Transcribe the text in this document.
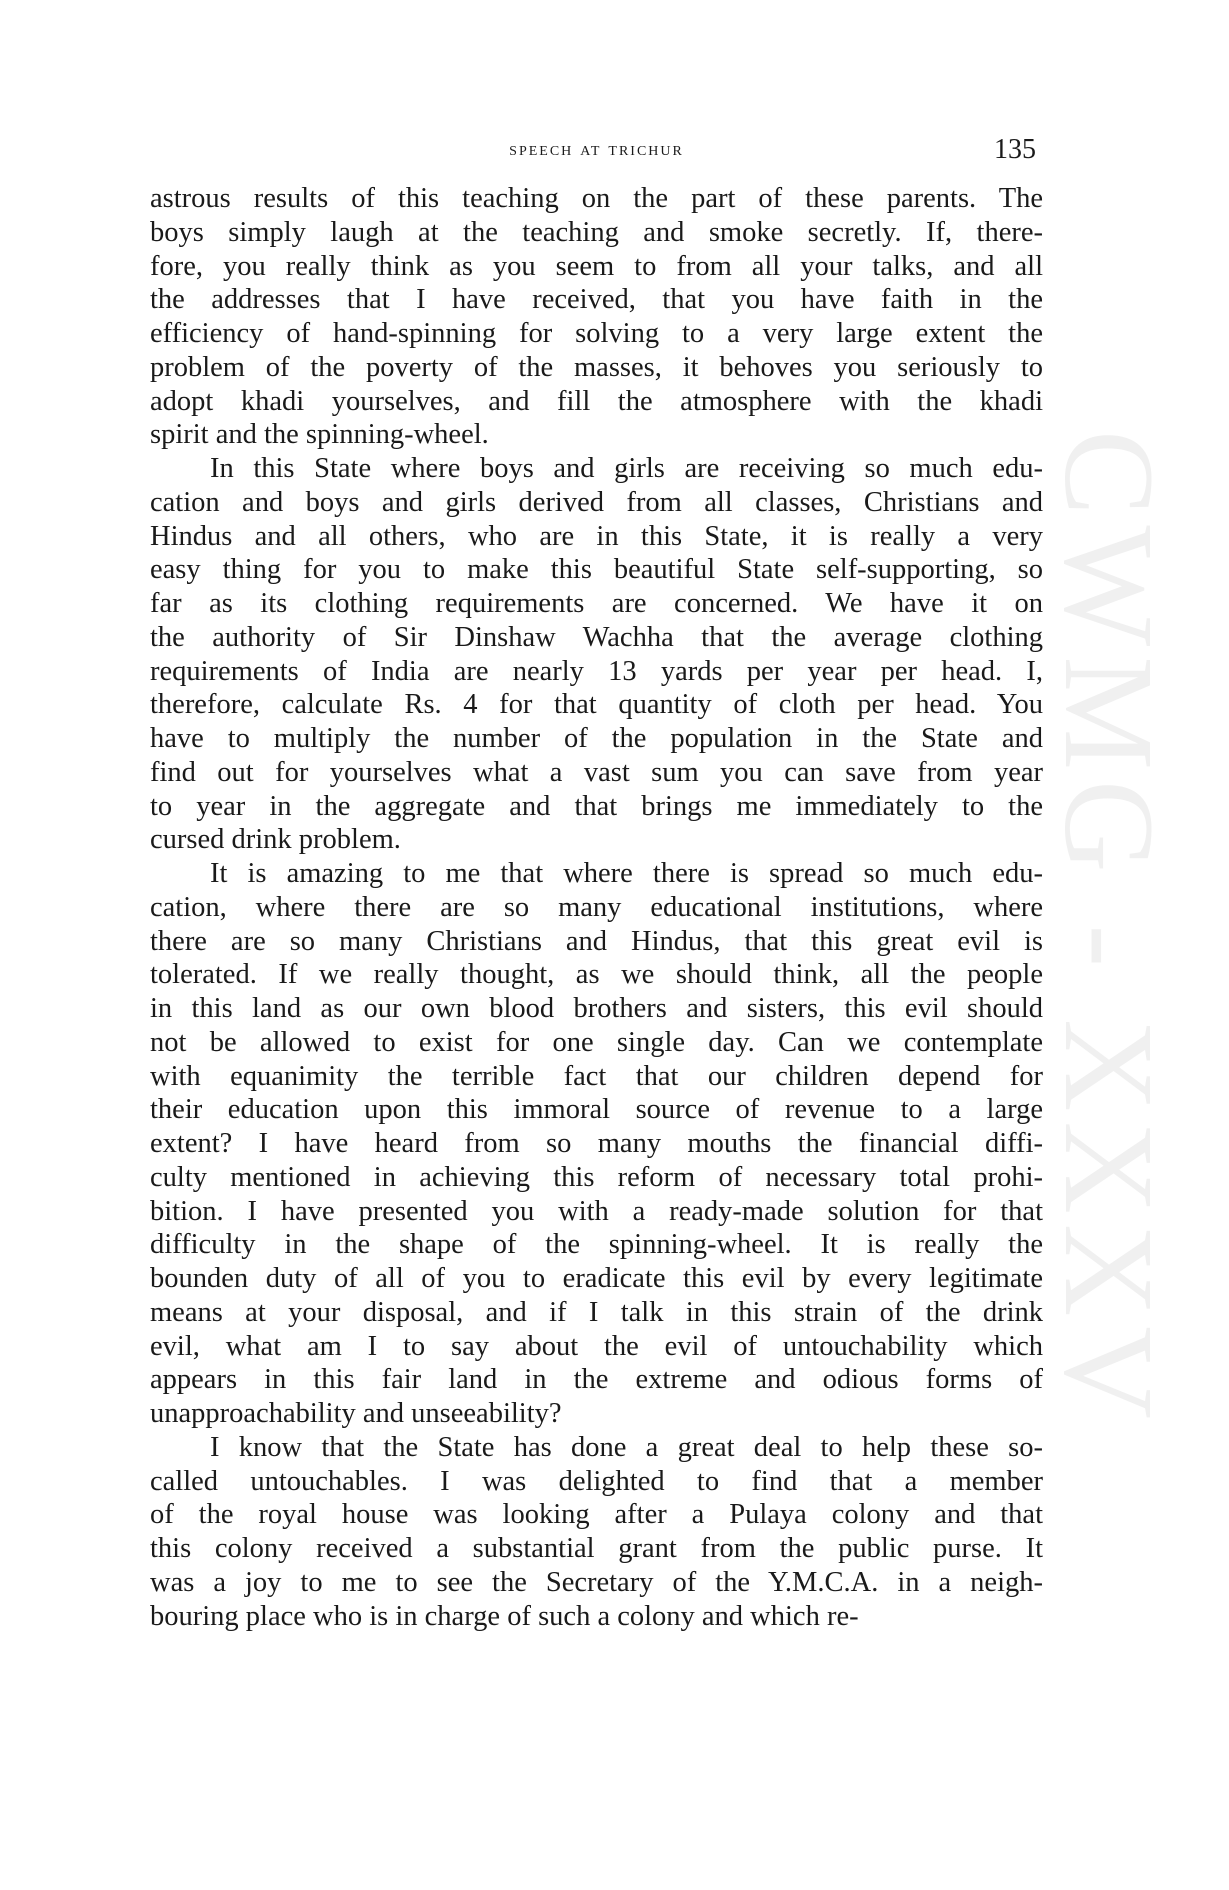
CWMG - XXXV
speech at trichur	135
astrous results of this teaching on the part of these parents. The
boys simply laugh at the teaching and smoke secretly. If, there-
fore, you really think as you seem to from all your talks, and all
the addresses that I have received, that you have faith in the
efficiency of hand-spinning for solving to a very large extent the
problem of the poverty of the masses, it behoves you seriously to
adopt khadi yourselves, and fill the atmosphere with the khadi
spirit and the spinning-wheel.
In this State where boys and girls are receiving so much edu-
cation and boys and girls derived from all classes, Christians and
Hindus and all others, who are in this State, it is really a very
easy thing for you to make this beautiful State self-supporting, so
far as its clothing requirements are concerned. We have it on
the authority of Sir Dinshaw Wachha that the average clothing
requirements of India are nearly 13 yards per year per head. I,
therefore, calculate Rs. 4 for that quantity of cloth per head. You
have to multiply the number of the population in the State and
find out for yourselves what a vast sum you can save from year
to year in the aggregate and that brings me immediately to the
cursed drink problem.
It is amazing to me that where there is spread so much edu-
cation, where there are so many educational institutions, where
there are so many Christians and Hindus, that this great evil is
tolerated. If we really thought, as we should think, all the people
in this land as our own blood brothers and sisters, this evil should
not be allowed to exist for one single day. Can we contemplate
with equanimity the terrible fact that our children depend for
their education upon this immoral source of revenue to a large
extent? I have heard from so many mouths the financial diffi-
culty mentioned in achieving this reform of necessary total prohi-
bition. I have presented you with a ready-made solution for that
difficulty in the shape of the spinning-wheel. It is really the
bounden duty of all of you to eradicate this evil by every legitimate
means at your disposal, and if I talk in this strain of the drink
evil, what am I to say about the evil of untouchability which
appears in this fair land in the extreme and odious forms of
unapproachability and unseeability?
I know that the State has done a great deal to help these so-
called untouchables. I was delighted to find that a member
of the royal house was looking after a Pulaya colony and that
this colony received a substantial grant from the public purse. It
was a joy to me to see the Secretary of the Y.M.C.A. in a neigh-
bouring place who is in charge of such a colony and which re-
